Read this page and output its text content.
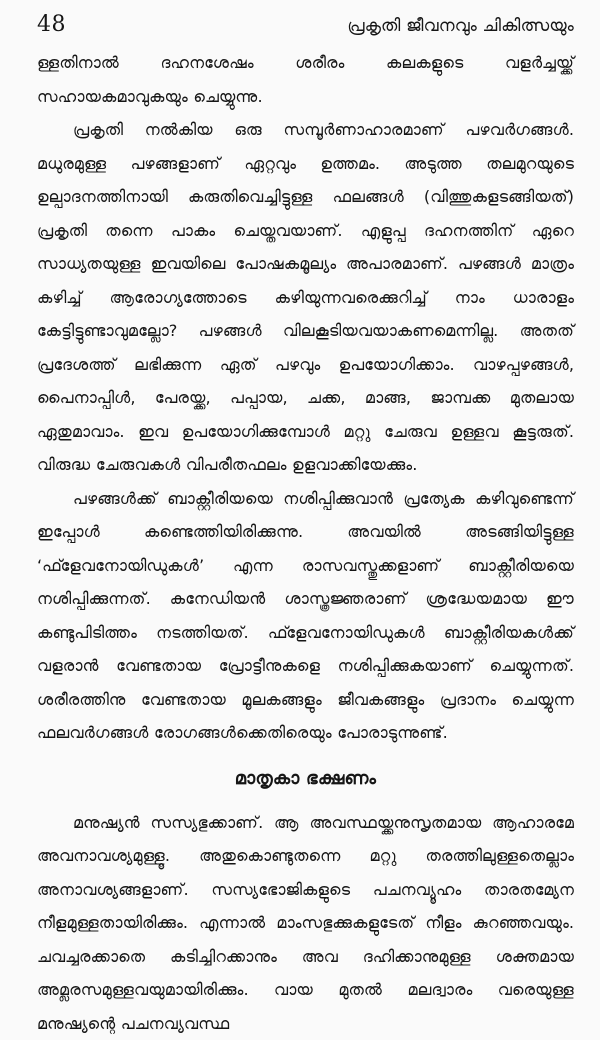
48	പ്രകൃതി ജീവനവും ചികിത്സയും

ള്ളതിനാൽ ദഹനശേഷം ശരീരം കലകളുടെ വളർച്ചയ്ക്ക് സഹായകമാവുകയും ചെയ്യുന്നു.

പ്രകൃതി നൽകിയ ഒരു സമ്പൂർണാഹാരമാണ് പഴവർഗങ്ങൾ. മധുരമുള്ള പഴങ്ങളാണ് ഏറ്റവും ഉത്തമം. അടുത്ത തലമുറയുടെ ഉല്പാദനത്തിനായി കരുതിവെച്ചിട്ടുള്ള ഫലങ്ങൾ (വിത്തുകളടങ്ങിയത്) പ്രകൃതി തന്നെ പാകം ചെയ്തവയാണ്. എളുപ്പ ദഹനത്തിന് ഏറെ സാധ്യതയുള്ള ഇവയിലെ പോഷകമൂല്യം അപാരമാണ്. പഴങ്ങൾ മാത്രം കഴിച്ച് ആരോഗ്യത്തോടെ കഴിയുന്നവരെക്കുറിച്ച് നാം ധാരാളം കേട്ടിട്ടുണ്ടാവുമല്ലോ? പഴങ്ങൾ വിലകൂടിയവയാകണമെന്നില്ല. അതത് പ്രദേശത്ത് ലഭിക്കുന്ന ഏത് പഴവും ഉപയോഗിക്കാം. വാഴപ്പഴങ്ങൾ, പൈനാപ്പിൾ, പേരയ്ക്ക, പപ്പായ, ചക്ക, മാങ്ങ, ജാമ്പക്ക മുതലായ ഏതുമാവാം. ഇവ ഉപയോഗിക്കുമ്പോൾ മറ്റു ചേരുവ ഉള്ളവ കൂട്ടരുത്. വിരുദ്ധ ചേരുവകൾ വിപരീതഫലം ഉളവാക്കിയേക്കും.

പഴങ്ങൾക്ക് ബാക്റ്റീരിയയെ നശിപ്പിക്കുവാൻ പ്രത്യേക കഴിവുണ്ടെന്ന് ഇപ്പോൾ കണ്ടെത്തിയിരിക്കുന്നു. അവയിൽ അടങ്ങിയിട്ടുള്ള ‘ഫ്ളേവനോയിഡുകൾ’ എന്ന രാസവസ്തുക്കളാണ് ബാക്റ്റീരിയയെ നശിപ്പിക്കുന്നത്. കനേഡിയൻ ശാസ്ത്രജ്ഞരാണ് ശ്രദ്ധേയമായ ഈ കണ്ടുപിടിത്തം നടത്തിയത്. ഫ്ളേവനോയിഡുകൾ ബാക്റ്റീരിയകൾക്ക് വളരാൻ വേണ്ടതായ പ്രോട്ടീനുകളെ നശിപ്പിക്കുകയാണ് ചെയ്യുന്നത്. ശരീരത്തിനു വേണ്ടതായ മൂലകങ്ങളും ജീവകങ്ങളും പ്രദാനം ചെയ്യുന്ന ഫലവർഗങ്ങൾ രോഗങ്ങൾക്കെതിരെയും പോരാടുന്നുണ്ട്.

മാതൃകാ ഭക്ഷണം

മനുഷ്യൻ സസ്യഭുക്കാണ്. ആ അവസ്ഥയ്ക്കനുസൃതമായ ആഹാരമേ അവനാവശ്യമുള്ളൂ. അതുകൊണ്ടുതന്നെ മറ്റു തരത്തിലുള്ളതെല്ലാം അനാവശ്യങ്ങളാണ്. സസ്യഭോജികളുടെ പചനവ്യൂഹം താരതമ്യേന നീളമുള്ളതായിരിക്കും. എന്നാൽ മാംസഭുക്കുകളുടേത് നീളം കുറഞ്ഞവയും. ചവച്ചരക്കാതെ കടിച്ചിറക്കാനും അവ ദഹിക്കാനുമുള്ള ശക്തമായ അമ്ലരസമുള്ളവയുമായിരിക്കും. വായ മുതൽ മലദ്വാരം വരെയുള്ള മനുഷ്യന്റെ പചനവ്യവസ്ഥ
